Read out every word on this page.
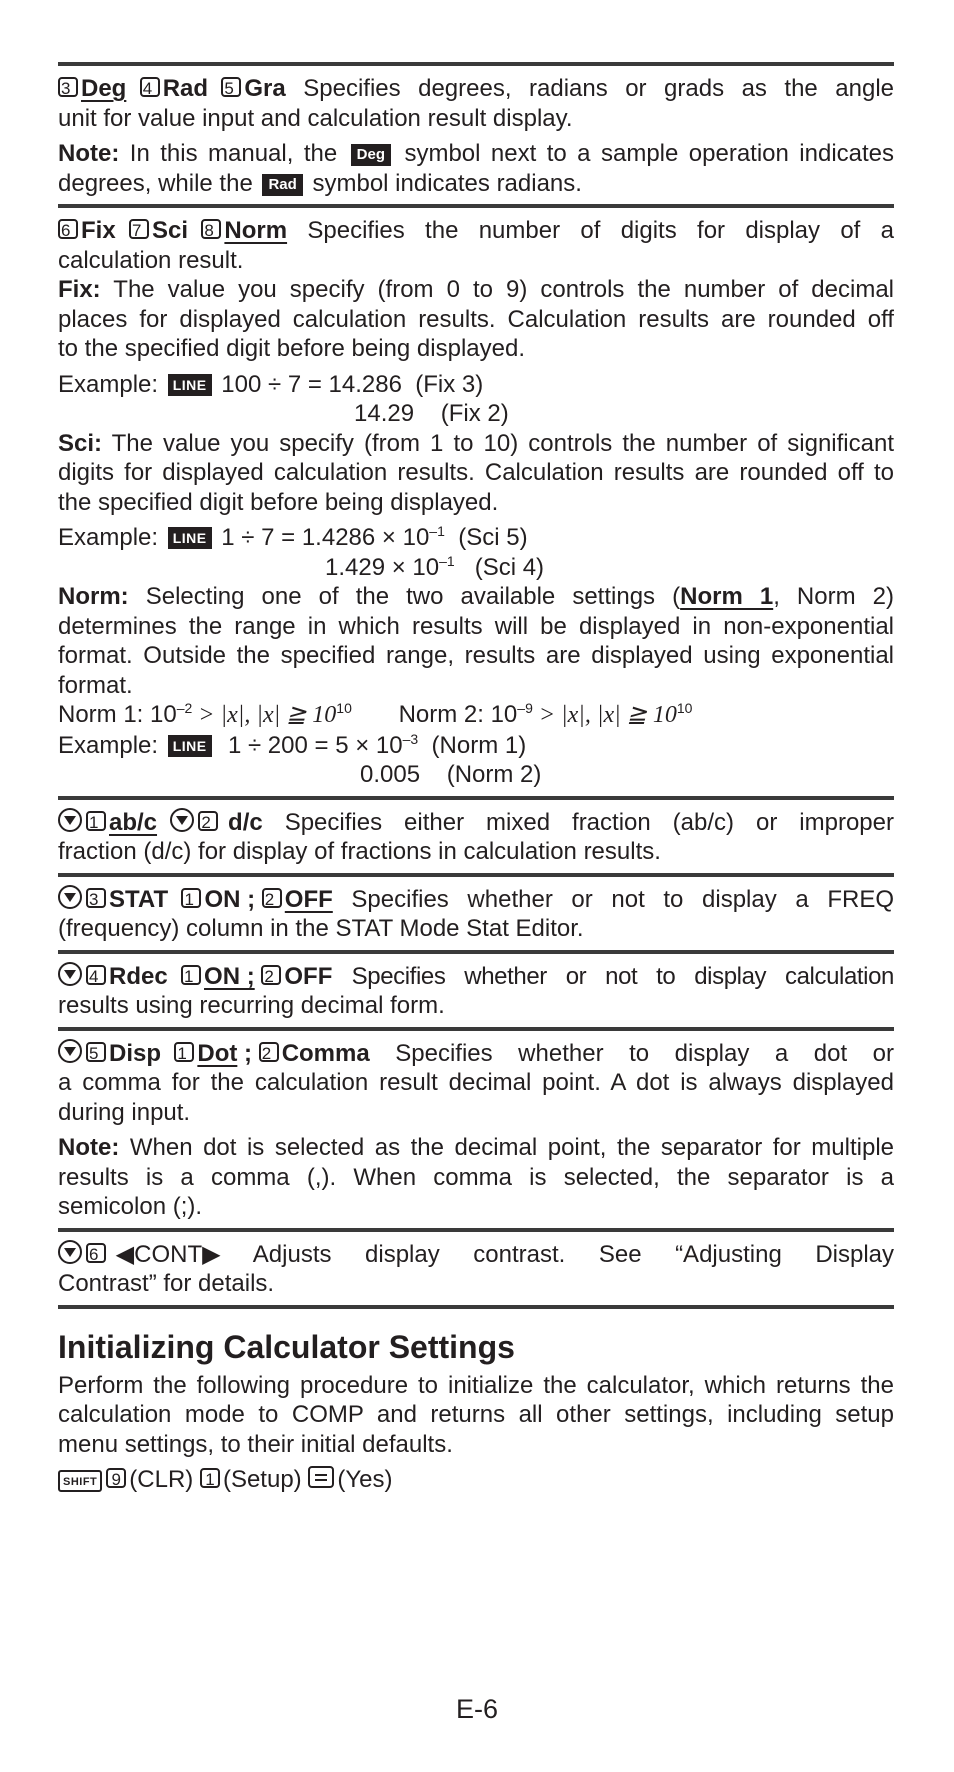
3 Deg 4 Rad 5 Gra Specifies degrees, radians or grads as the angle
unit for value input and calculation result display.
Note: In this manual, the Deg symbol next to a sample operation indicates
degrees, while the Rad symbol indicates radians.
6 Fix 7 Sci 8 Norm Specifies the number of digits for display of a
calculation result.
Fix: The value you specify (from 0 to 9) controls the number of decimal
places for displayed calculation results. Calculation results are rounded off
to the specified digit before being displayed.
Example: LINE 100 ÷ 7 = 14.286 (Fix 3)
14.29 (Fix 2)
Sci: The value you specify (from 1 to 10) controls the number of significant
digits for displayed calculation results. Calculation results are rounded off to
the specified digit before being displayed.
Example: LINE $1 \div 7 = 1.4286 \times 10^{-1}$ (Sci 5)
$1.429 \times 10^{-1}$ (Sci 4)
Norm: Selecting one of the two available settings (Norm 1, Norm 2)
determines the range in which results will be displayed in non-exponential
format. Outside the specified range, results are displayed using exponential
format.
Norm 1: $10^{-2} > |x|$, |x| ≧ $10^{10}$ Norm 2: $10^{-9} > |x|$, |x| ≧ $10^{10}$
Example: LINE $1 \div 200 = 5 \times 10^{-3}$ (Norm 1)
0.005 (Norm 2)
1 ab/c	2 d/c Specifies either mixed fraction (ab/c) or improper
fraction (d/c) for display of fractions in calculation results.
3 STAT 1 ON ; 2 OFF Specifies whether or not to display a FREQ
(frequency) column in the STAT Mode Stat Editor.
4 Rdec 1 ON ; 2 OFF Specifies whether or not to display calculation
results using recurring decimal form.
5 Disp 1 Dot ; 2 Comma Specifies whether to display a dot or
a comma for the calculation result decimal point. A dot is always displayed
during input.
Note: When dot is selected as the decimal point, the separator for multiple
results is a comma (,). When comma is selected, the separator is a
semicolon (;).
6 ◀CONT▶ Adjusts display contrast. See “Adjusting Display
Contrast” for details.
Initializing Calculator Settings
Perform the following procedure to initialize the calculator, which returns the
calculation mode to COMP and returns all other settings, including setup
menu settings, to their initial defaults.
SHIFT 9 (CLR) 1 (Setup) (Yes)
E-6
